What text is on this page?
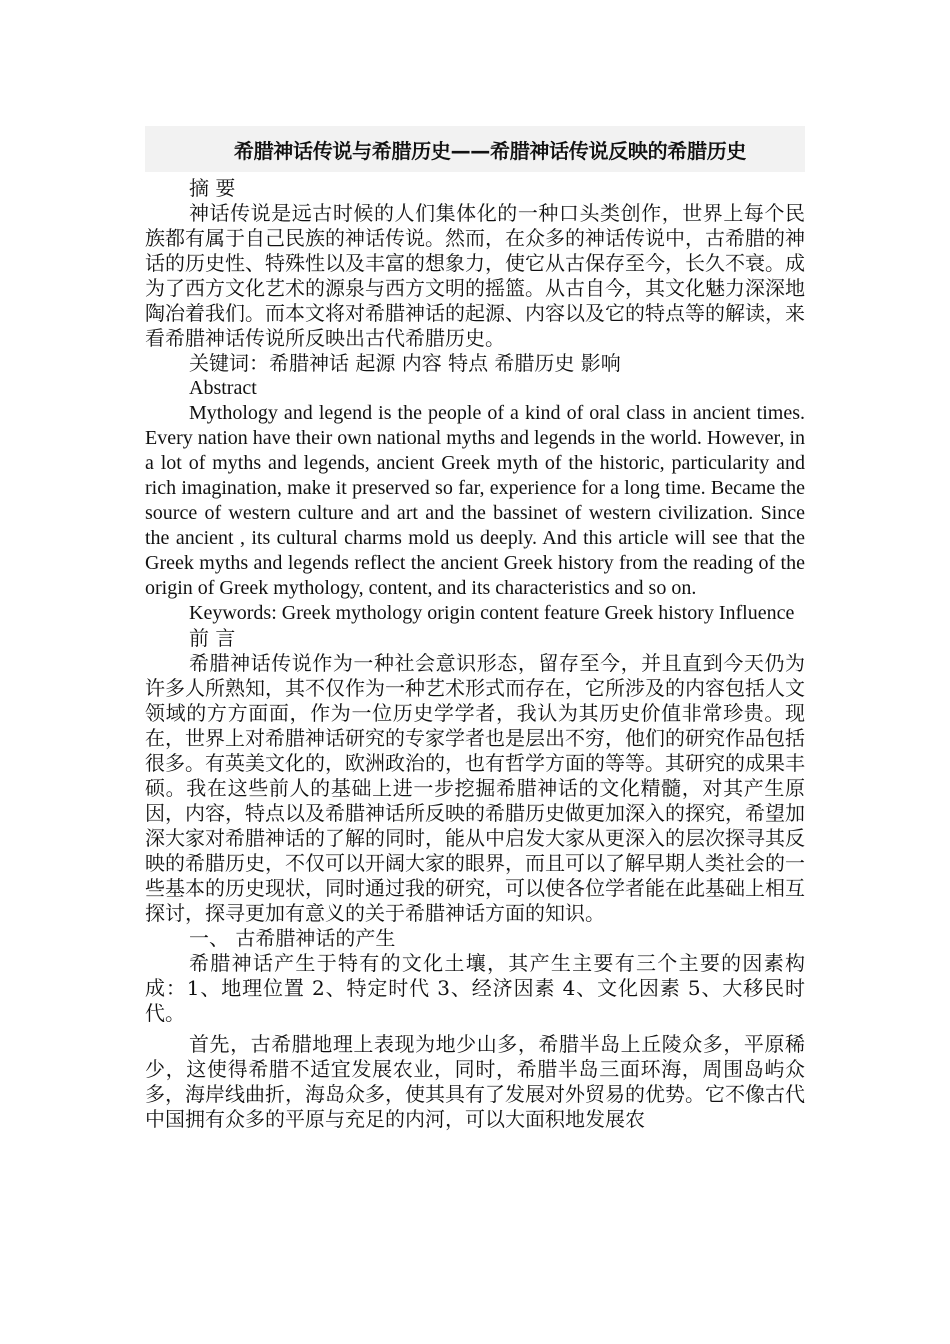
希腊神话传说与希腊历史——希腊神话传说反映的希腊历史

摘 要

神话传说是远古时候的人们集体化的一种口头类创作，世界上每个民族都有属于自己民族的神话传说。然而，在众多的神话传说中，古希腊的神话的历史性、特殊性以及丰富的想象力，使它从古保存至今，长久不衰。成为了西方文化艺术的源泉与西方文明的摇篮。从古自今，其文化魅力深深地陶冶着我们。而本文将对希腊神话的起源、内容以及它的特点等的解读，来看希腊神话传说所反映出古代希腊历史。

关键词：希腊神话 起源 内容 特点 希腊历史 影响

Abstract

Mythology and legend is the people of a kind of oral class in ancient times. Every nation have their own national myths and legends in the world. However, in a lot of myths and legends, ancient Greek myth of the historic, particularity and rich imagination, make it preserved so far, experience for a long time. Became the source of western culture and art and the bassinet of western civilization. Since the ancient , its cultural charms mold us deeply. And this article will see that the Greek myths and legends reflect the ancient Greek history from the reading of the origin of Greek mythology, content, and its characteristics and so on.

Keywords: Greek mythology origin content feature Greek history Influence

前 言

希腊神话传说作为一种社会意识形态，留存至今，并且直到今天仍为许多人所熟知，其不仅作为一种艺术形式而存在，它所涉及的内容包括人文领域的方方面面，作为一位历史学学者，我认为其历史价值非常珍贵。现在，世界上对希腊神话研究的专家学者也是层出不穷，他们的研究作品包括很多。有英美文化的，欧洲政治的，也有哲学方面的等等。其研究的成果丰硕。我在这些前人的基础上进一步挖掘希腊神话的文化精髓，对其产生原因，内容，特点以及希腊神话所反映的希腊历史做更加深入的探究，希望加深大家对希腊神话的了解的同时，能从中启发大家从更深入的层次探寻其反映的希腊历史，不仅可以开阔大家的眼界，而且可以了解早期人类社会的一些基本的历史现状，同时通过我的研究，可以使各位学者能在此基础上相互探讨，探寻更加有意义的关于希腊神话方面的知识。

一、 古希腊神话的产生

希腊神话产生于特有的文化土壤，其产生主要有三个主要的因素构成：1、地理位置 2、特定时代 3、经济因素 4、文化因素 5、大移民时代。

首先，古希腊地理上表现为地少山多，希腊半岛上丘陵众多，平原稀少，这使得希腊不适宜发展农业，同时，希腊半岛三面环海，周围岛屿众多，海岸线曲折，海岛众多，使其具有了发展对外贸易的优势。它不像古代中国拥有众多的平原与充足的内河，可以大面积地发展农
